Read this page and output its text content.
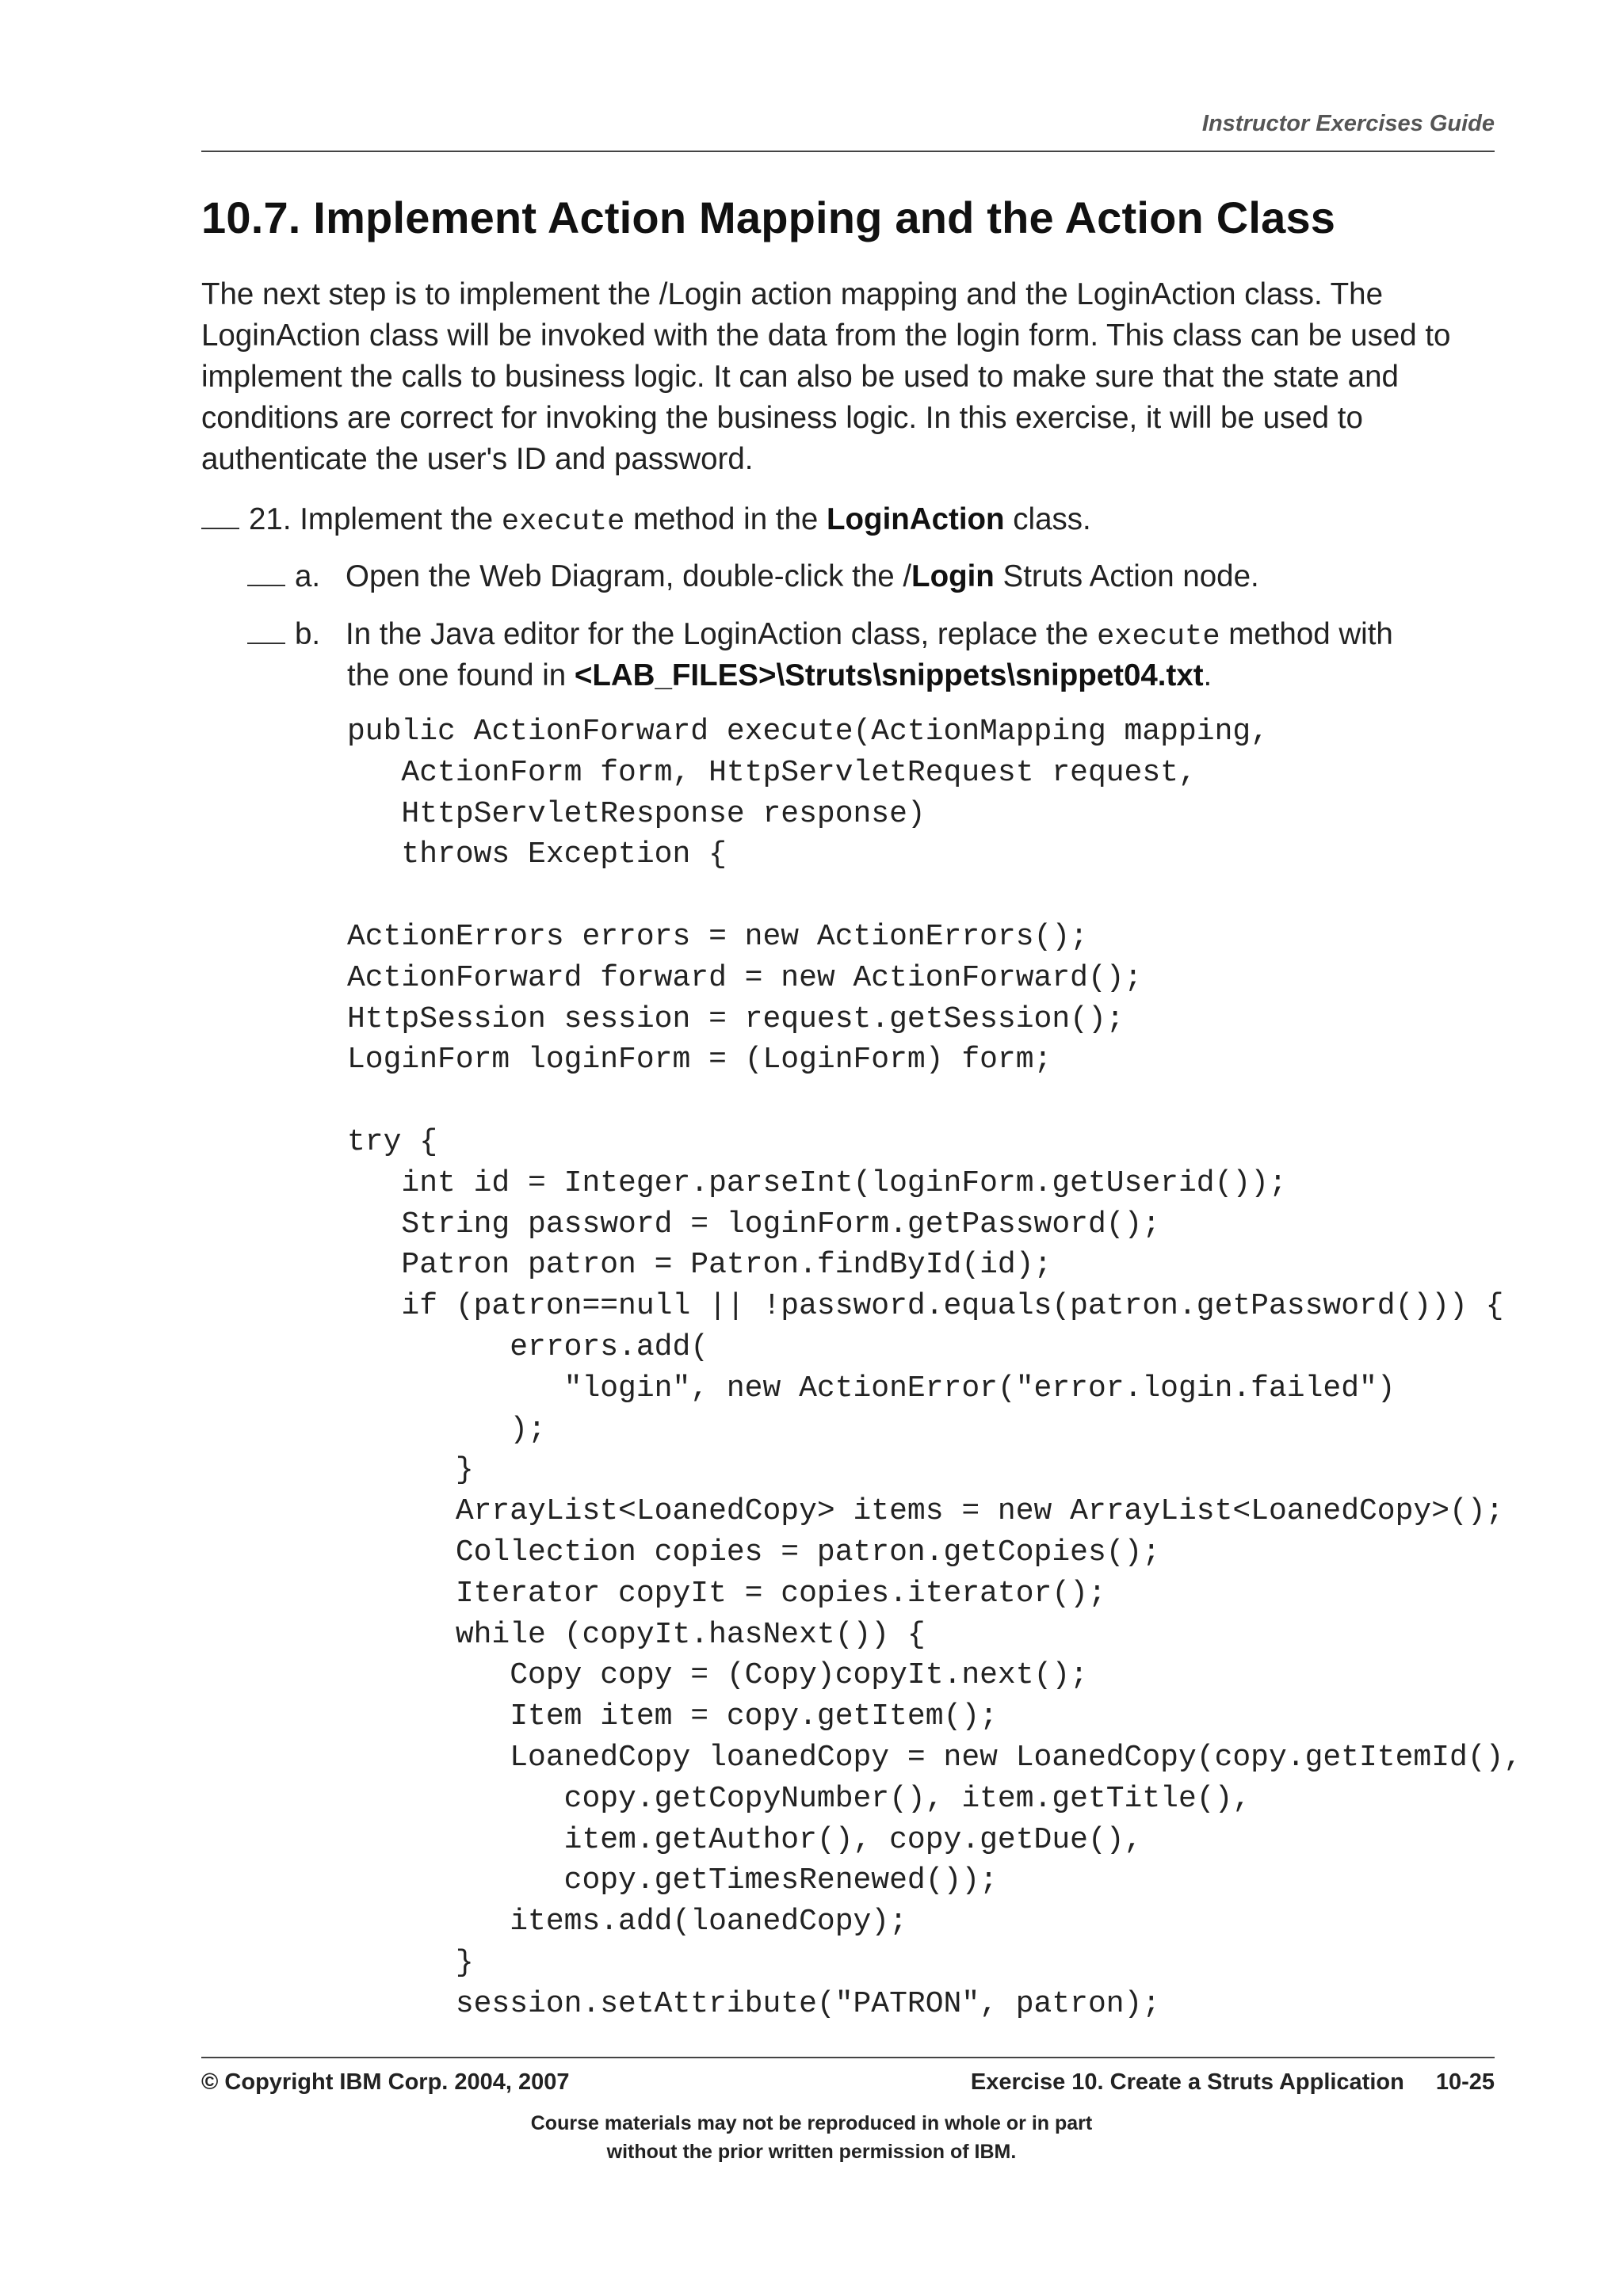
Instructor Exercises Guide
10.7. Implement Action Mapping and the Action Class

The next step is to implement the /Login action mapping and the LoginAction class. The LoginAction class will be invoked with the data from the login form. This class can be used to implement the calls to business logic. It can also be used to make sure that the state and conditions are correct for invoking the business logic. In this exercise, it will be used to authenticate the user's ID and password.

21. Implement the execute method in the LoginAction class.
a. Open the Web Diagram, double-click the /Login Struts Action node.
b. In the Java editor for the LoginAction class, replace the execute method with
the one found in <LAB_FILES>\Struts\snippets\snippet04.txt.
public ActionForward execute(ActionMapping mapping,
ActionForm form, HttpServletRequest request,
HttpServletResponse response)
throws Exception {

ActionErrors errors = new ActionErrors();
ActionForward forward = new ActionForward();
HttpSession session = request.getSession();
LoginForm loginForm = (LoginForm) form;

try {
int id = Integer.parseInt(loginForm.getUserid());
String password = loginForm.getPassword();
Patron patron = Patron.findById(id);
if (patron==null || !password.equals(patron.getPassword())) {
errors.add(
"login", new ActionError("error.login.failed")
);
}
ArrayList<LoanedCopy> items = new ArrayList<LoanedCopy>();
Collection copies = patron.getCopies();
Iterator copyIt = copies.iterator();
while (copyIt.hasNext()) {
Copy copy = (Copy)copyIt.next();
Item item = copy.getItem();
LoanedCopy loanedCopy = new LoanedCopy(copy.getItemId(),
copy.getCopyNumber(), item.getTitle(),
item.getAuthor(), copy.getDue(),
copy.getTimesRenewed());
items.add(loanedCopy);
}
session.setAttribute("PATRON", patron);
© Copyright IBM Corp. 2004, 2007	Exercise 10. Create a Struts Application 10-25
Course materials may not be reproduced in whole or in part
without the prior written permission of IBM.
